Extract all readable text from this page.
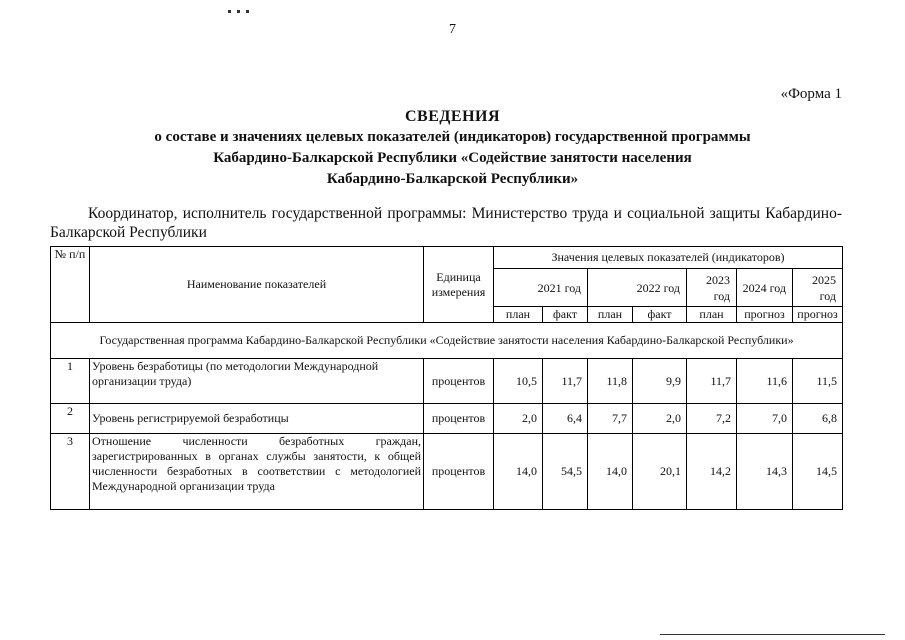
7
«Форма 1
СВЕДЕНИЯ
о составе и значениях целевых показателей (индикаторов) государственной программы
Кабардино-Балкарской Республики «Содействие занятости населения
Кабардино-Балкарской Республики»
Координатор, исполнитель государственной программы: Министерство труда и социальной защиты Кабардино-Балкарской Республики
№ п/п	Наименование показателей	Единица измерения	Значения целевых показателей (индикаторов)						
			2021 год		2022 год		2023 год	2024 год	2025 год
			план	факт	план	факт	план	прогноз	прогноз
Государственная программа Кабардино-Балкарской Республики «Содействие занятости населения Кабардино-Балкарской Республики»									
1	Уровень безработицы (по методологии Международной организации труда)	процентов	10,5	11,7	11,8	9,9	11,7	11,6	11,5
2	Уровень регистрируемой безработицы	процентов	2,0	6,4	7,7	2,0	7,2	7,0	6,8
3	Отношение численности безработных граждан, зарегистрированных в органах службы занятости, к общей численности безработных в соответствии с методологией Международной организации труда	процентов	14,0	54,5	14,0	20,1	14,2	14,3	14,5
